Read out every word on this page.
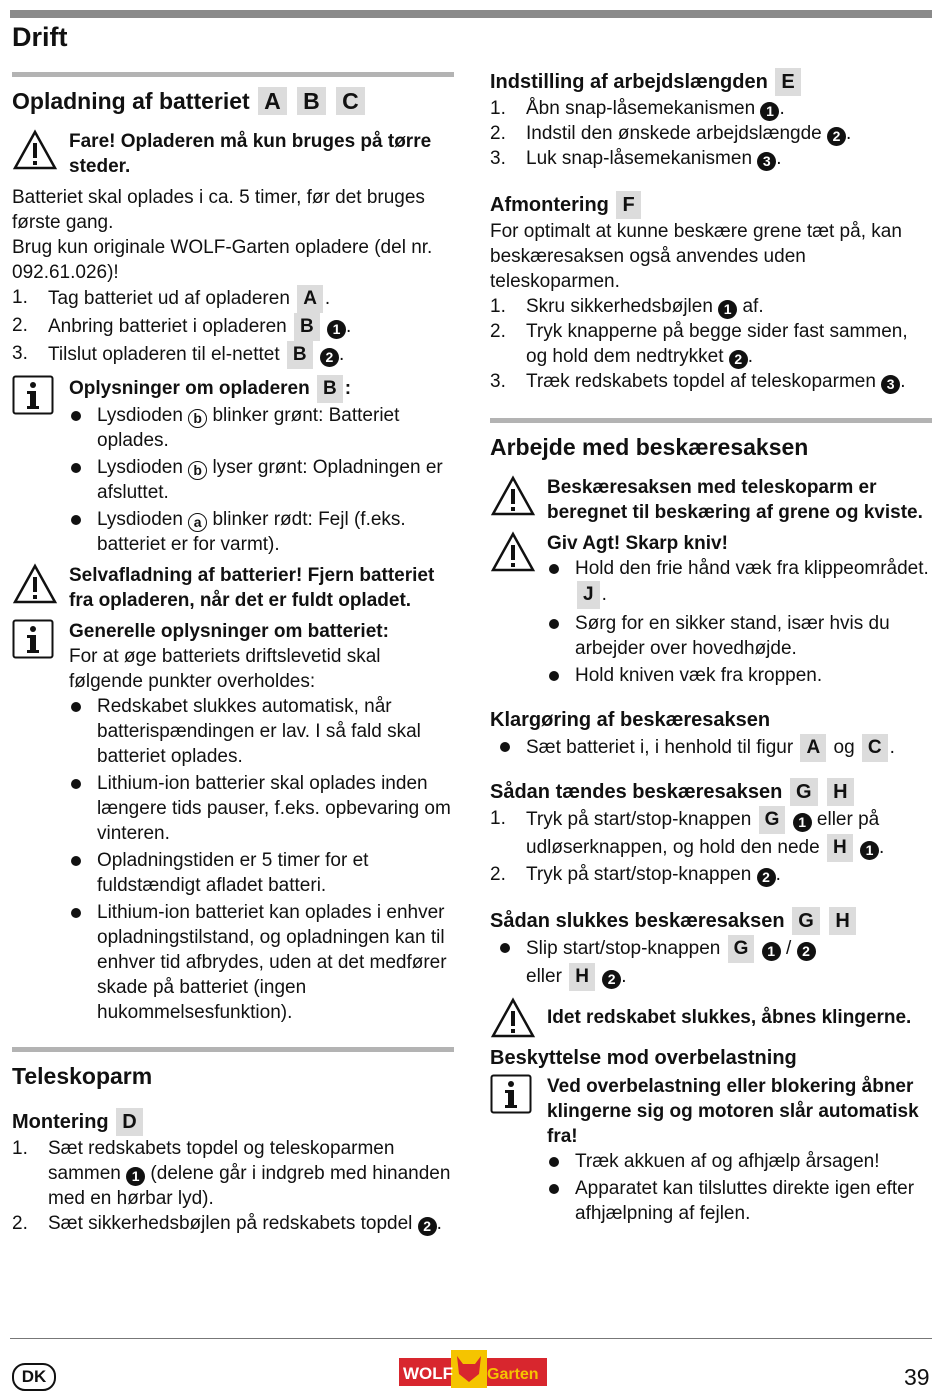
Drift
Opladning af batteriet A B C

Fare! Opladeren må kun bruges på tørre steder.

Batteriet skal oplades i ca. 5 timer, før det bruges første gang.

Brug kun originale WOLF-Garten opladere (del nr. 092.61.026)!

1. Tag batteriet ud af opladeren A .
2. Anbring batteriet i opladeren B 1 .
3. Tilslut opladeren til el-nettet B 2 .

Oplysninger om opladeren B :

Lysdioden b blinker grønt: Batteriet oplades.
Lysdioden b lyser grønt: Opladningen er afsluttet.
Lysdioden a blinker rødt: Fejl (f.eks. batteriet er for varmt).

Selvafladning af batterier! Fjern batteriet fra opladeren, når det er fuldt opladet.

Generelle oplysninger om batteriet:

For at øge batteriets driftslevetid skal følgende punkter overholdes:

Redskabet slukkes automatisk, når batterispændingen er lav. I så fald skal batteriet oplades.
Lithium-ion batterier skal oplades inden længere tids pauser, f.eks. opbevaring om vinteren.
Opladningstiden er 5 timer for et fuldstændigt afladet batteri.
Lithium-ion batteriet kan oplades i enhver opladningstilstand, og opladningen kan til enhver tid afbrydes, uden at det medfører skade på batteriet (ingen hukommelsesfunktion).
Teleskoparm
Montering D
1. Sæt redskabets topdel og teleskoparmen sammen 1 (delene går i indgreb med hinanden med en hørbar lyd).
2. Sæt sikkerhedsbøjlen på redskabets topdel 2 .
Indstilling af arbejdslængden E
1. Åbn snap-låsemekanismen 1 .
2. Indstil den ønskede arbejdslængde 2 .
3. Luk snap-låsemekanismen 3 .
Afmontering F

For optimalt at kunne beskære grene tæt på, kan beskæresaksen også anvendes uden teleskoparmen.

1. Skru sikkerhedsbøjlen 1 af.
2. Tryk knapperne på begge sider fast sammen, og hold dem nedtrykket 2 .
3. Træk redskabets topdel af teleskoparmen 3 .
Arbejde med beskæresaksen

Beskæresaksen med teleskoparm er beregnet til beskæring af grene og kviste.

Giv Agt! Skarp kniv!

Hold den frie hånd væk fra klippeområdet. J .
Sørg for en sikker stand, især hvis du arbejder over hovedhøjde.
Hold kniven væk fra kroppen.
Klargøring af beskæresaksen
Sæt batteriet i, i henhold til figur A og C .
Sådan tændes beskæresaksen G H
1. Tryk på start/stop-knappen G 1 eller på udløserknappen, og hold den nede H 1 .
2. Tryk på start/stop-knappen 2 .
Sådan slukkes beskæresaksen G H
Slip start/stop-knappen G 1 / 2
eller H 2 .

Idet redskabet slukkes, åbnes klingerne.

Beskyttelse mod overbelastning

Ved overbelastning eller blokering åbner klingerne sig og motoren slår automatisk fra!

Træk akkuen af og afhjælp årsagen!
Apparatet kan tilsluttes direkte igen efter afhjælpning af fejlen.
DK	WOLF Garten	39
